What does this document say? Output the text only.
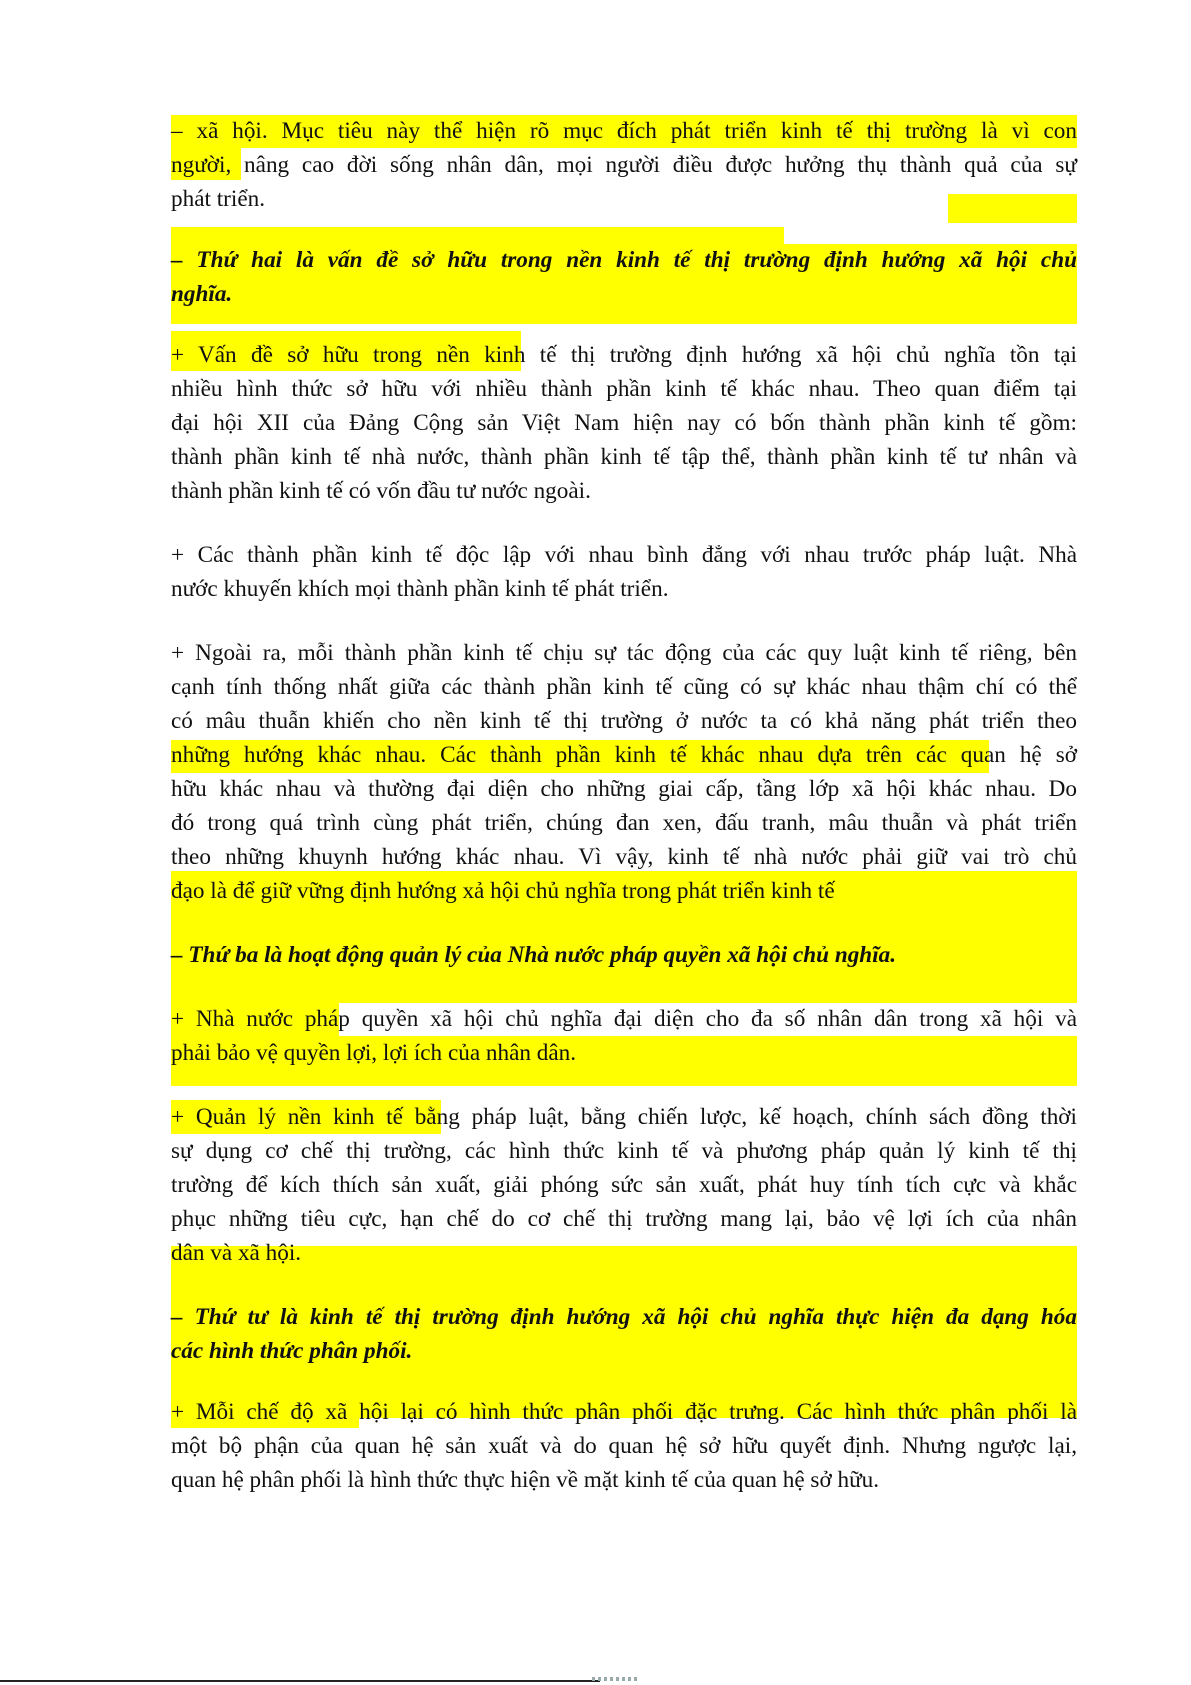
– xã hội. Mục tiêu này thể hiện rõ mục đích phát triển kinh tế thị trường là vì con
người, nâng cao đời sống nhân dân, mọi người điều được hưởng thụ thành quả của sự
phát triển.
– Thứ hai là vấn đề sở hữu trong nền kinh tế thị trường định hướng xã hội chủ
nghĩa.
+ Vấn đề sở hữu trong nền kinh tế thị trường định hướng xã hội chủ nghĩa tồn tại
nhiều hình thức sở hữu với nhiều thành phần kinh tế khác nhau. Theo quan điểm tại
đại hội XII của Đảng Cộng sản Việt Nam hiện nay có bốn thành phần kinh tế gồm:
thành phần kinh tế nhà nước, thành phần kinh tế tập thể, thành phần kinh tế tư nhân và
thành phần kinh tế có vốn đầu tư nước ngoài.
+ Các thành phần kinh tế độc lập với nhau bình đẳng với nhau trước pháp luật. Nhà
nước khuyến khích mọi thành phần kinh tế phát triển.
+ Ngoài ra, mỗi thành phần kinh tế chịu sự tác động của các quy luật kinh tế riêng, bên
cạnh tính thống nhất giữa các thành phần kinh tế cũng có sự khác nhau thậm chí có thể
có mâu thuẫn khiến cho nền kinh tế thị trường ở nước ta có khả năng phát triển theo
những hướng khác nhau. Các thành phần kinh tế khác nhau dựa trên các quan hệ sở
hữu khác nhau và thường đại diện cho những giai cấp, tầng lớp xã hội khác nhau. Do
đó trong quá trình cùng phát triển, chúng đan xen, đấu tranh, mâu thuẫn và phát triển
theo những khuynh hướng khác nhau. Vì vậy, kinh tế nhà nước phải giữ vai trò chủ
đạo là để giữ vững định hướng xả hội chủ nghĩa trong phát triển kinh tế
– Thứ ba là hoạt động quản lý của Nhà nước pháp quyền xã hội chủ nghĩa.
+ Nhà nước pháp quyền xã hội chủ nghĩa đại diện cho đa số nhân dân trong xã hội và
phải bảo vệ quyền lợi, lợi ích của nhân dân.
+ Quản lý nền kinh tế bằng pháp luật, bằng chiến lược, kế hoạch, chính sách đồng thời
sự dụng cơ chế thị trường, các hình thức kinh tế và phương pháp quản lý kinh tế thị
trường để kích thích sản xuất, giải phóng sức sản xuất, phát huy tính tích cực và khắc
phục những tiêu cực, hạn chế do cơ chế thị trường mang lại, bảo vệ lợi ích của nhân
dân và xã hội.
– Thứ tư là kinh tế thị trường định hướng xã hội chủ nghĩa thực hiện đa dạng hóa
các hình thức phân phối.
+ Mỗi chế độ xã hội lại có hình thức phân phối đặc trưng. Các hình thức phân phối là
một bộ phận của quan hệ sản xuất và do quan hệ sở hữu quyết định. Nhưng ngược lại,
quan hệ phân phối là hình thức thực hiện về mặt kinh tế của quan hệ sở hữu.
